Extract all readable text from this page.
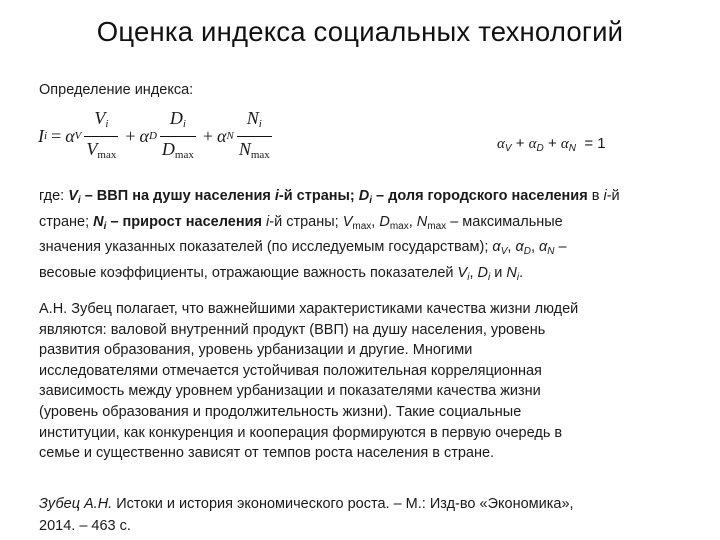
Оценка индекса социальных технологий
Определение индекса:
I i = α V $\frac{V_i}{V_{max}} + \alpha$ D $\frac{D_i}{D_{max}} + \alpha$ N $\frac{N_i}{N_{max}}$	$\alpha_V + \alpha_D + \alpha_N = 1$
где: $V_i$ – ВВП на душу населения i-й страны; $D_i$ – доля городского населения в i-й
стране; $N_i$ – прирост населения i-й страны; $V_{max}$, $D_{max}$, $N_{max}$ – максимальные
значения указанных показателей (по исследуемым государствам); $\alpha_V$, $\alpha_D$, $\alpha_N$ –
весовые коэффициенты, отражающие важность показателей $V_i$, $D_i$ и $N_i$.
А.Н. Зубец полагает, что важнейшими характеристиками качества жизни людей
являются: валовой внутренний продукт (ВВП) на душу населения, уровень
развития образования, уровень урбанизации и другие. Многими
исследователями отмечается устойчивая положительная корреляционная
зависимость между уровнем урбанизации и показателями качества жизни
(уровень образования и продолжительность жизни). Такие социальные
институции, как конкуренция и кооперация формируются в первую очередь в
семье и существенно зависят от темпов роста населения в стране.
Зубец А.Н. Истоки и история экономического роста. – М.: Изд-во «Экономика»,
2014. – 463 с.
